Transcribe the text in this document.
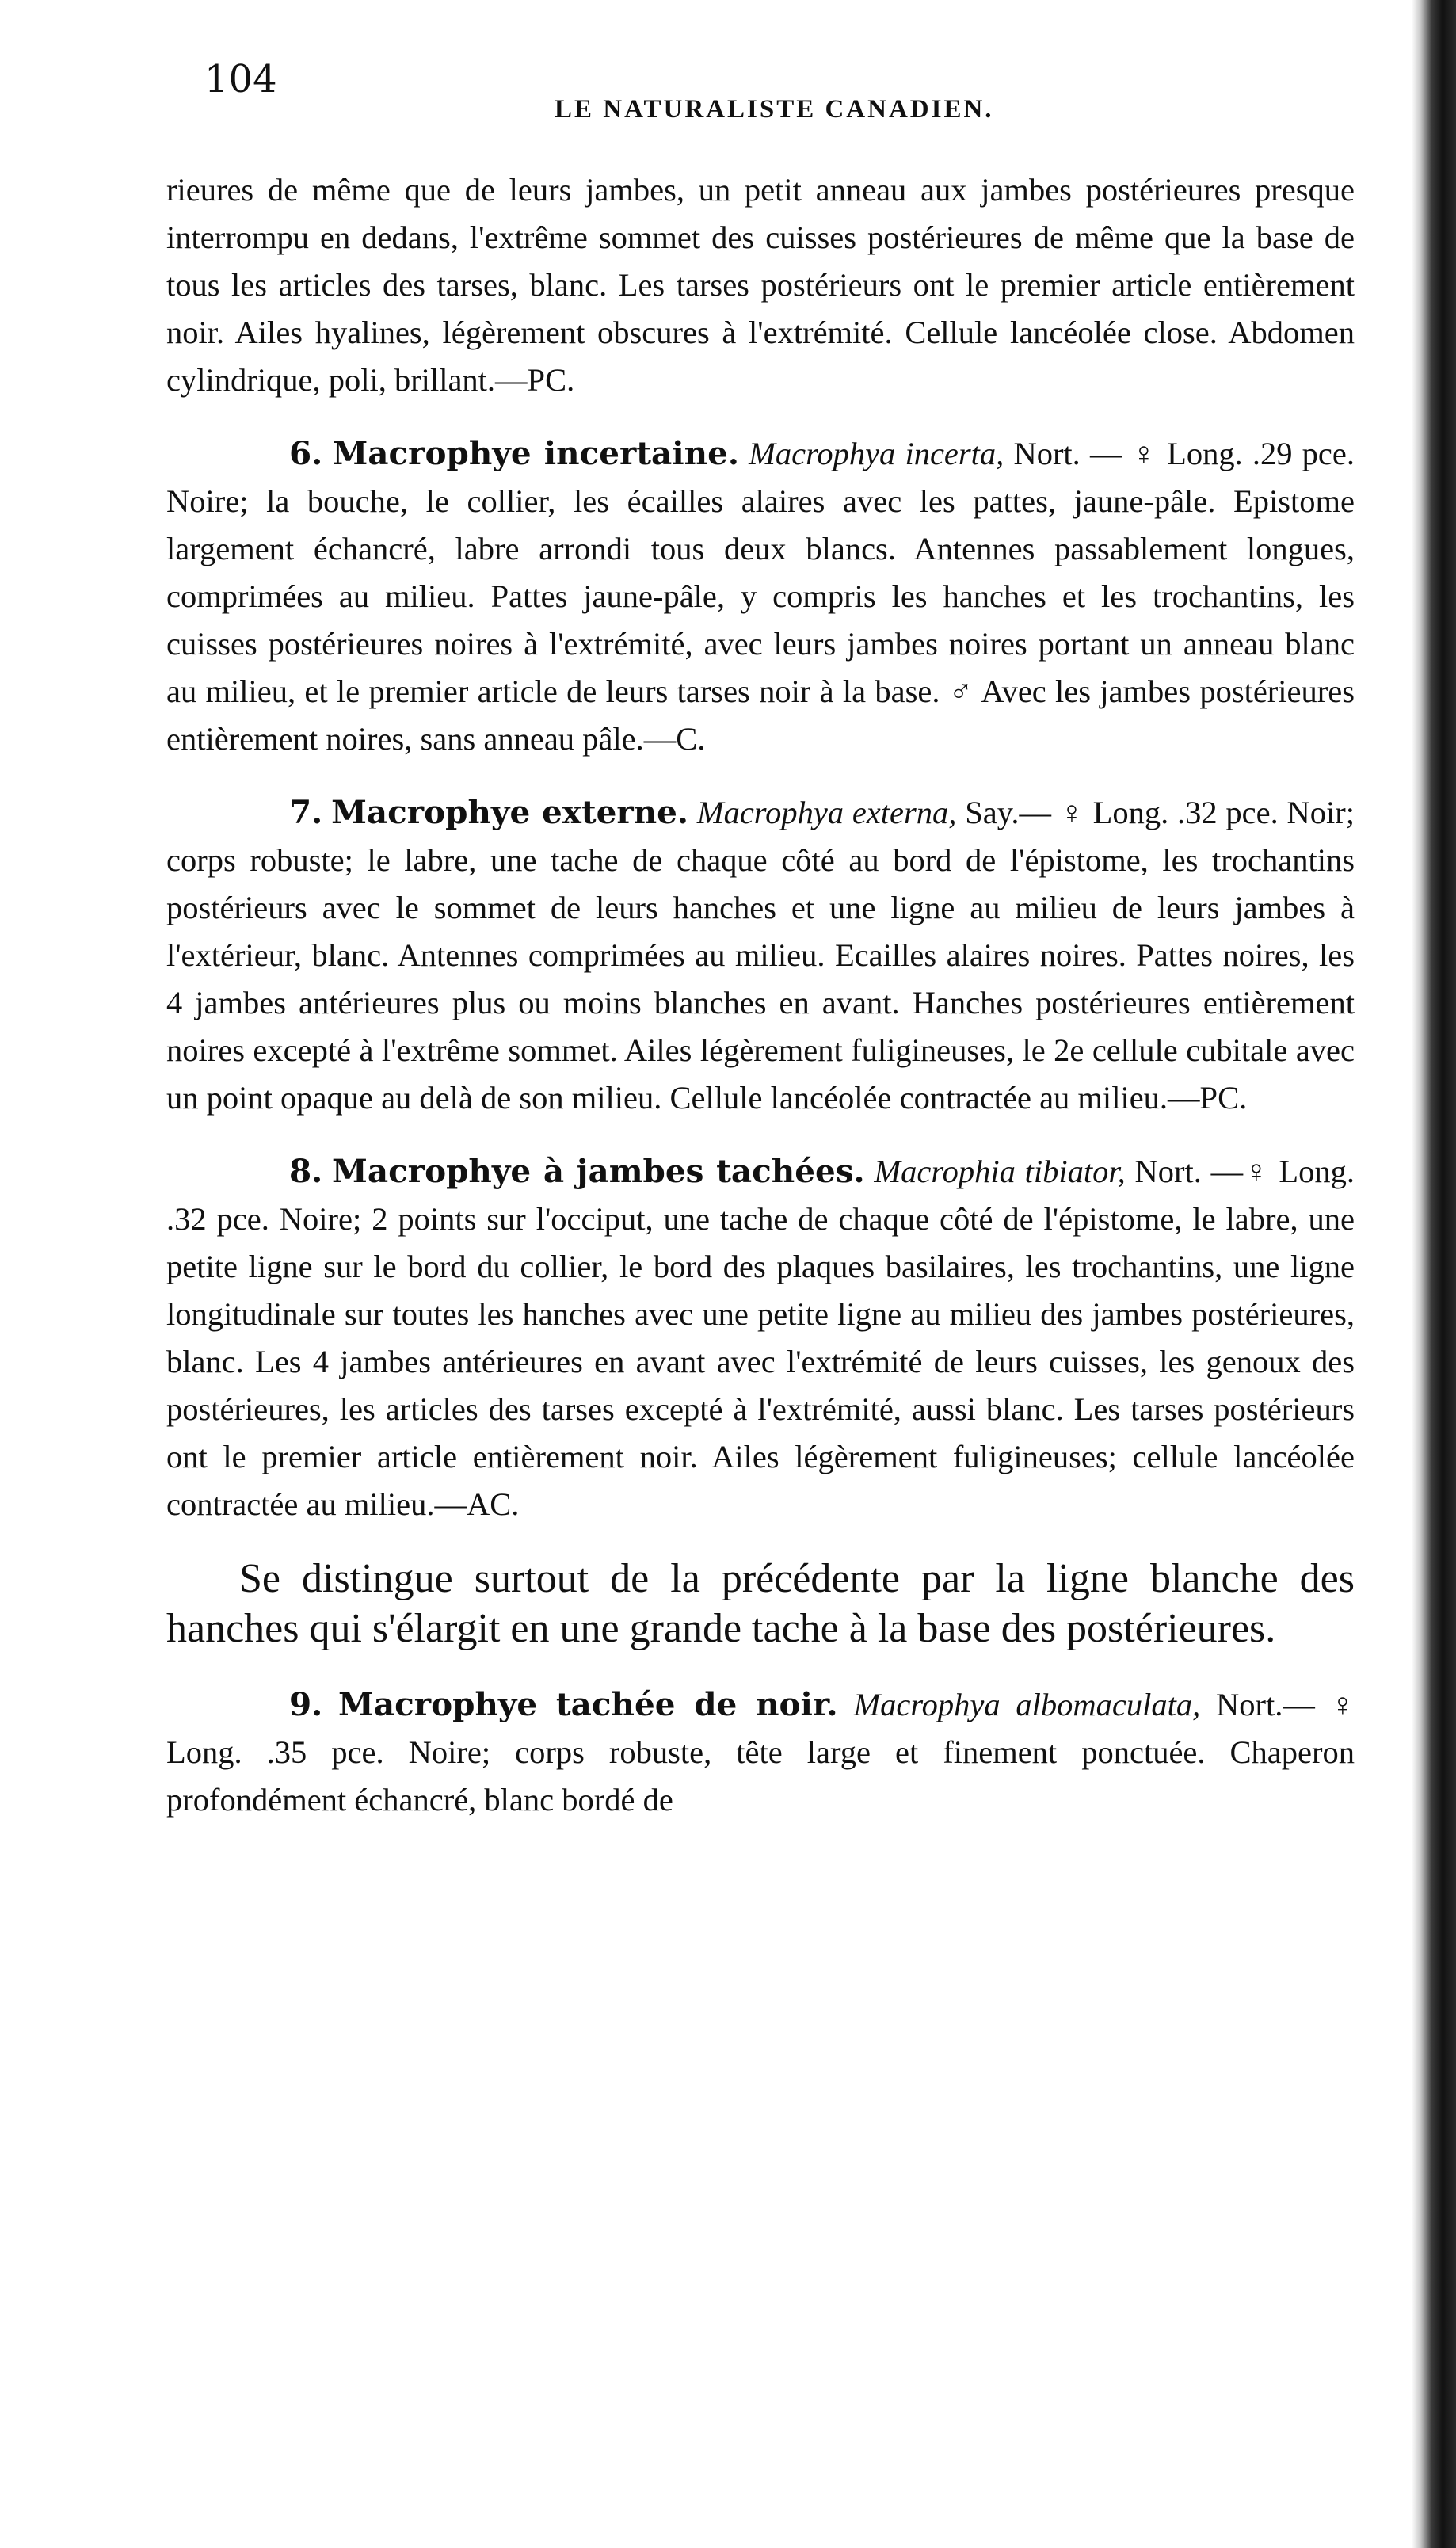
104
LE NATURALISTE CANADIEN.

rieures de même que de leurs jambes, un petit anneau aux jambes postérieures presque interrompu en dedans, l'extrême sommet des cuisses postérieures de même que la base de tous les articles des tarses, blanc. Les tarses postérieurs ont le premier article entièrement noir. Ailes hyalines, légèrement obscures à l'extrémité. Cellule lancéolée close. Abdomen cylindrique, poli, brillant.—PC.

6. Macrophye incertaine. Macrophya incerta, Nort. — ♀ Long. .29 pce. Noire; la bouche, le collier, les écailles alaires avec les pattes, jaune-pâle. Epistome largement échancré, labre arrondi tous deux blancs. Antennes passablement longues, comprimées au milieu. Pattes jaune-pâle, y compris les hanches et les trochantins, les cuisses postérieures noires à l'extrémité, avec leurs jambes noires portant un anneau blanc au milieu, et le premier article de leurs tarses noir à la base. ♂ Avec les jambes postérieures entièrement noires, sans anneau pâle.—C.

7. Macrophye externe. Macrophya externa, Say.— ♀ Long. .32 pce. Noir; corps robuste; le labre, une tache de chaque côté au bord de l'épistome, les trochantins postérieurs avec le sommet de leurs hanches et une ligne au milieu de leurs jambes à l'extérieur, blanc. Antennes comprimées au milieu. Ecailles alaires noires. Pattes noires, les 4 jambes antérieures plus ou moins blanches en avant. Hanches postérieures entièrement noires excepté à l'extrême sommet. Ailes légèrement fuligineuses, le 2e cellule cubitale avec un point opaque au delà de son milieu. Cellule lancéolée contractée au milieu.—PC.

8. Macrophye à jambes tachées. Macrophia tibiator, Nort. —♀ Long. .32 pce. Noire; 2 points sur l'occiput, une tache de chaque côté de l'épistome, le labre, une petite ligne sur le bord du collier, le bord des plaques basilaires, les trochantins, une ligne longitudinale sur toutes les hanches avec une petite ligne au milieu des jambes postérieures, blanc. Les 4 jambes antérieures en avant avec l'extrémité de leurs cuisses, les genoux des postérieures, les articles des tarses excepté à l'extrémité, aussi blanc. Les tarses postérieurs ont le premier article entièrement noir. Ailes légèrement fuligineuses; cellule lancéolée contractée au milieu.—AC.

Se distingue surtout de la précédente par la ligne blanche des hanches qui s'élargit en une grande tache à la base des postérieures.

9. Macrophye tachée de noir. Macrophya albomaculata, Nort.— ♀ Long. .35 pce. Noire; corps robuste, tête large et finement ponctuée. Chaperon profondément échancré, blanc bordé de
